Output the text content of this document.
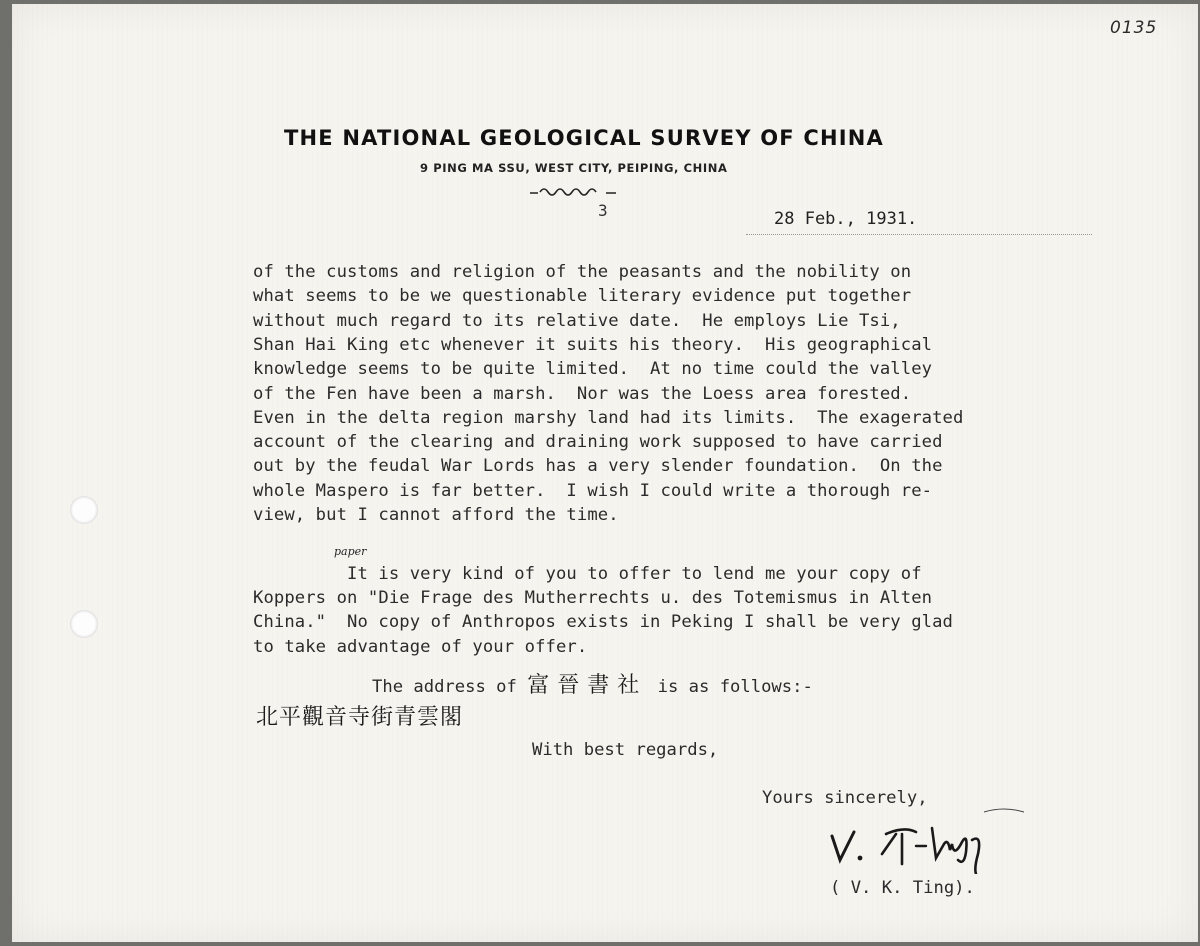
0135
THE NATIONAL GEOLOGICAL SURVEY OF CHINA
9 PING MA SSU, WEST CITY, PEIPING, CHINA
3	28 Feb., 1931.
of the customs and religion of the peasants and the nobility on
what seems to be we questionable literary evidence put together
without much regard to its relative date.  He employs Lie Tsi,
Shan Hai King etc whenever it suits his theory.  His geographical
knowledge seems to be quite limited.  At no time could the valley
of the Fen have been a marsh.  Nor was the Loess area forested.
Even in the delta region marshy land had its limits.  The exagerated
account of the clearing and draining work supposed to have carried
out by the feudal War Lords has a very slender foundation.  On the
whole Maspero is far better.  I wish I could write a thorough re-
view, but I cannot afford the time.
It is very kind of you to offer to lend me your copy of
Koppers on "Die Frage des Mutherrechts u. des Totemismus in Alten
China."  No copy of Anthropos exists in Peking I shall be very glad
to take advantage of your offer.
paper
The address of 富晉書社 is as follows:-
北平觀音寺街青雲閣
With best regards,
Yours sincerely,
( V. K. Ting).
